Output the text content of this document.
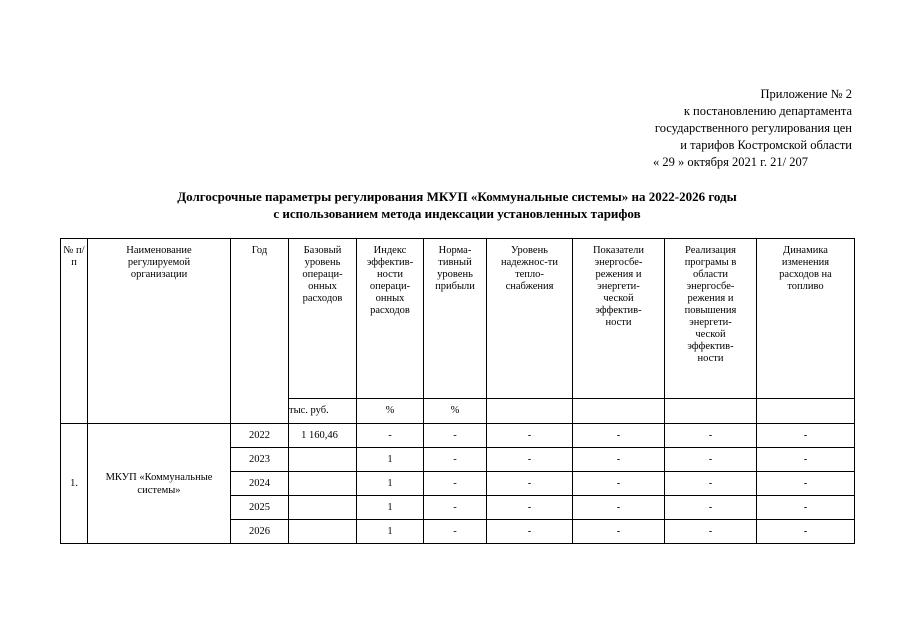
Приложение № 2
к постановлению департамента
государственного регулирования цен
и тарифов Костромской области
« 29 » октября 2021 г. 21/ 207
Долгосрочные параметры регулирования МКУП «Коммунальные системы» на 2022-2026 годы
с использованием метода индексации установленных тарифов
№ п/п	Наименование регулируемой организации	Год	Базовый уровень операци-онных расходов	Индекс эффектив-ности операци-онных расходов	Норма-тивный уровень прибыли	Уровень надежнос-ти тепло-снабжения	Показатели энергосбе-режения и энергети-ческой эффектив-ности	Реализация програмы в области энергосбе-режения и повышения энергети-ческой эффектив-ности	Динамика изменения расходов на топливо
			тыс. руб.	%	%				
1.	МКУП «Коммунальные системы»	2022	1 160,46	-	-	-	-	-	-
		2023		1	-	-	-	-	-
		2024		1	-	-	-	-	-
		2025		1	-	-	-	-	-
		2026		1	-	-	-	-	-
